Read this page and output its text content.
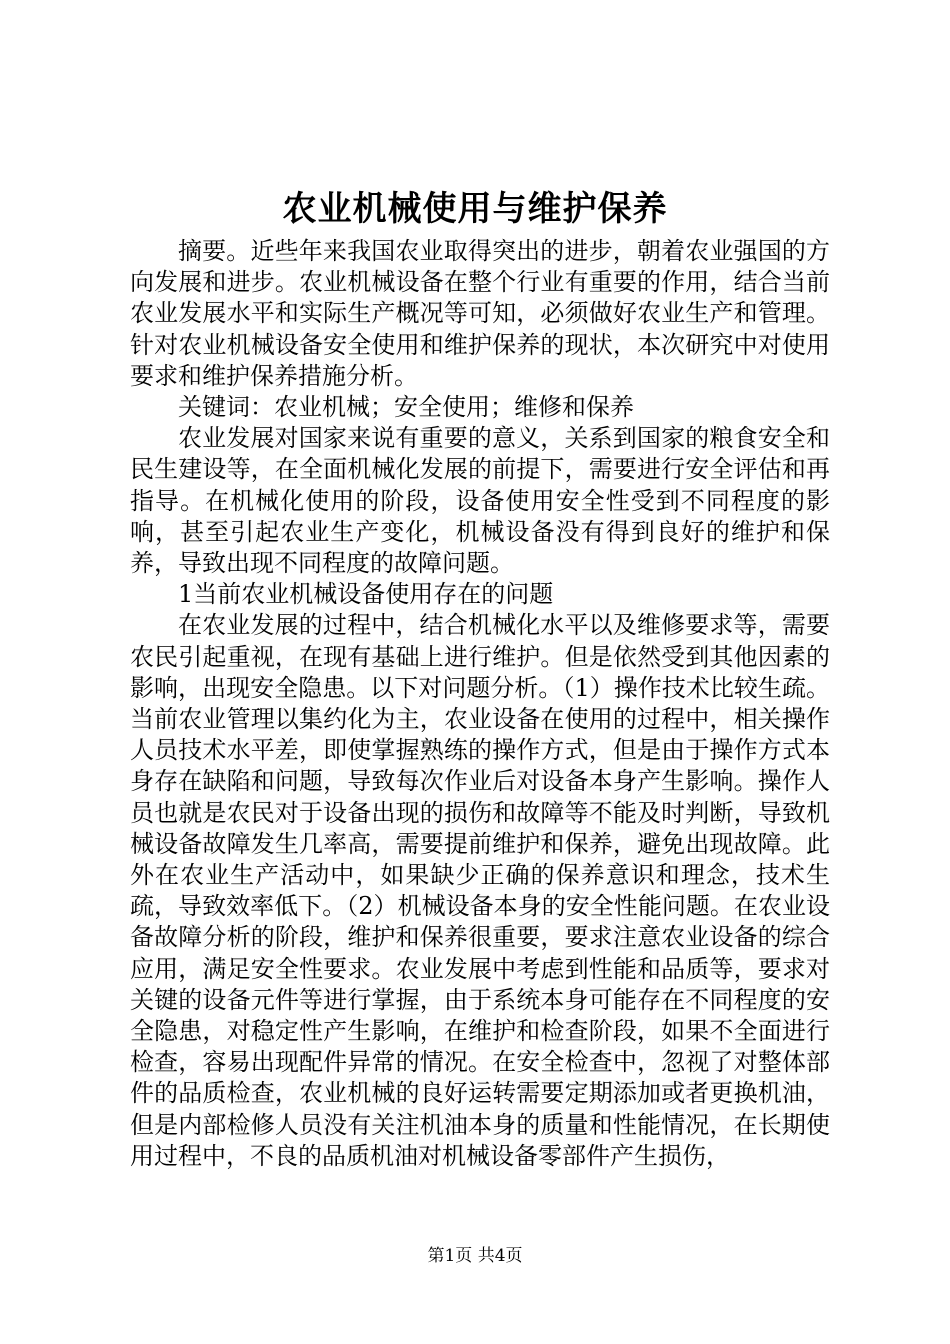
农业机械使用与维护保养

摘要。近些年来我国农业取得突出的进步，朝着农业强国的方向发展和进步。农业机械设备在整个行业有重要的作用，结合当前农业发展水平和实际生产概况等可知，必须做好农业生产和管理。针对农业机械设备安全使用和维护保养的现状，本次研究中对使用要求和维护保养措施分析。

关键词：农业机械；安全使用；维修和保养

农业发展对国家来说有重要的意义，关系到国家的粮食安全和民生建设等，在全面机械化发展的前提下，需要进行安全评估和再指导。在机械化使用的阶段，设备使用安全性受到不同程度的影响，甚至引起农业生产变化，机械设备没有得到良好的维护和保养，导致出现不同程度的故障问题。

1当前农业机械设备使用存在的问题

在农业发展的过程中，结合机械化水平以及维修要求等，需要农民引起重视，在现有基础上进行维护。但是依然受到其他因素的影响，出现安全隐患。以下对问题分析。（1）操作技术比较生疏。当前农业管理以集约化为主，农业设备在使用的过程中，相关操作人员技术水平差，即使掌握熟练的操作方式，但是由于操作方式本身存在缺陷和问题，导致每次作业后对设备本身产生影响。操作人员也就是农民对于设备出现的损伤和故障等不能及时判断，导致机械设备故障发生几率高，需要提前维护和保养，避免出现故障。此外在农业生产活动中，如果缺少正确的保养意识和理念，技术生疏，导致效率低下。（2）机械设备本身的安全性能问题。在农业设备故障分析的阶段，维护和保养很重要，要求注意农业设备的综合应用，满足安全性要求。农业发展中考虑到性能和品质等，要求对关键的设备元件等进行掌握，由于系统本身可能存在不同程度的安全隐患，对稳定性产生影响，在维护和检查阶段，如果不全面进行检查，容易出现配件异常的情况。在安全检查中，忽视了对整体部件的品质检查，农业机械的良好运转需要定期添加或者更换机油，但是内部检修人员没有关注机油本身的质量和性能情况，在长期使用过程中，不良的品质机油对机械设备零部件产生损伤，

第1页 共4页
